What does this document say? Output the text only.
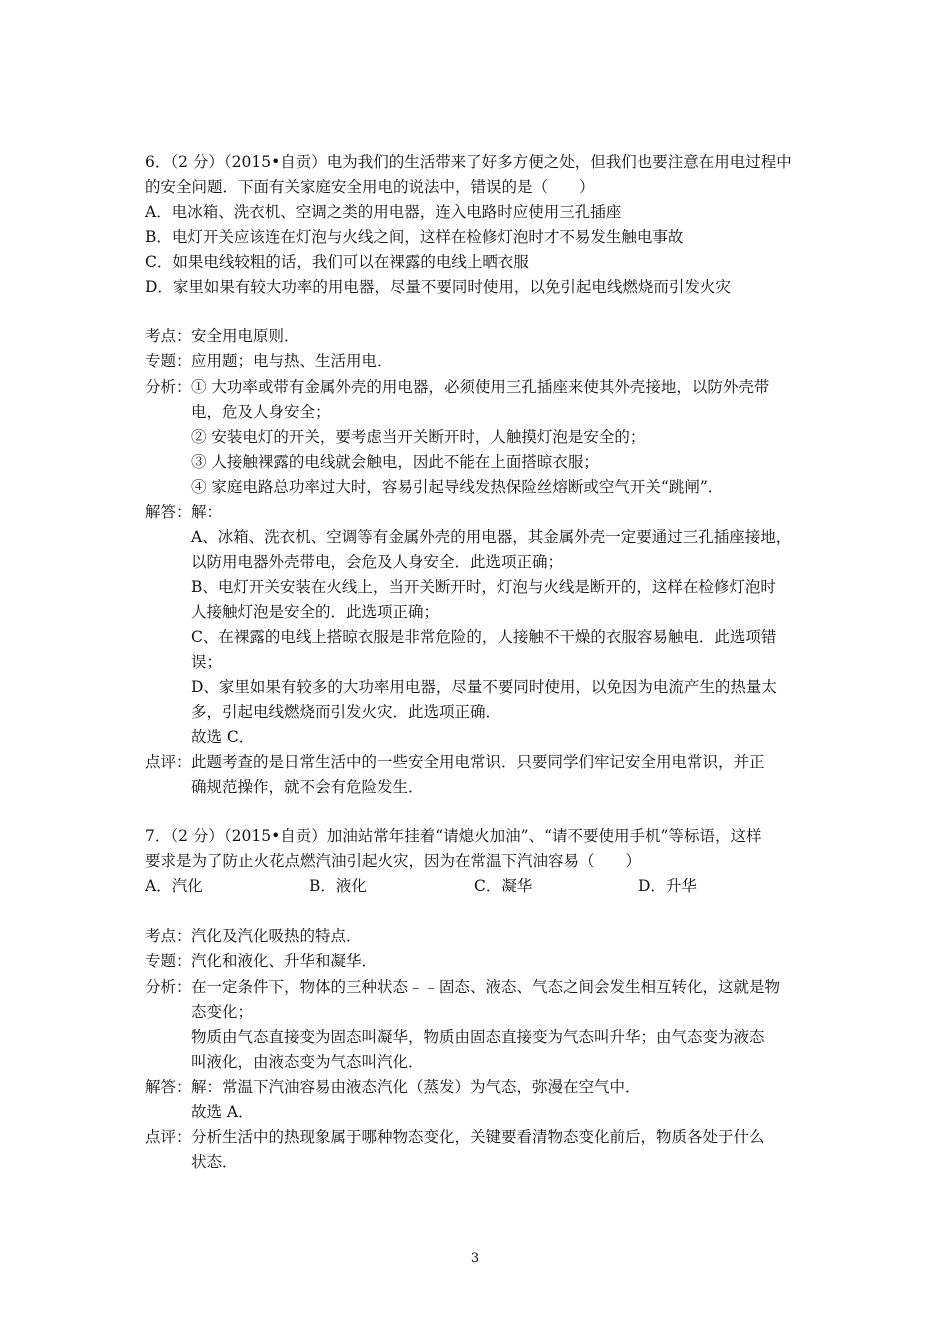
6．（2 分）（2015•自贡）电为我们的生活带来了好多方便之处，但我们也要注意在用电过程中
的安全问题．下面有关家庭安全用电的说法中，错误的是（　　）
A．电冰箱、洗衣机、空调之类的用电器，连入电路时应使用三孔插座
B．电灯开关应该连在灯泡与火线之间，这样在检修灯泡时才不易发生触电事故
C．如果电线较粗的话，我们可以在裸露的电线上晒衣服
D．家里如果有较大功率的用电器，尽量不要同时使用，以免引起电线燃烧而引发火灾
考点： 安全用电原则．
专题： 应用题；电与热、生活用电．
分析： ① 大功率或带有金属外壳的用电器，必须使用三孔插座来使其外壳接地，以防外壳带
电，危及人身安全；
② 安装电灯的开关，要考虑当开关断开时，人触摸灯泡是安全的；
③ 人接触裸露的电线就会触电，因此不能在上面搭晾衣服；
④ 家庭电路总功率过大时，容易引起导线发热保险丝熔断或空气开关“跳闸”．
解答： 解：
A、冰箱、洗衣机、空调等有金属外壳的用电器，其金属外壳一定要通过三孔插座接地，
以防用电器外壳带电，会危及人身安全．此选项正确；
B、电灯开关安装在火线上，当开关断开时，灯泡与火线是断开的，这样在检修灯泡时
人接触灯泡是安全的．此选项正确；
C、在裸露的电线上搭晾衣服是非常危险的，人接触不干燥的衣服容易触电．此选项错
误；
D、家里如果有较多的大功率用电器，尽量不要同时使用，以免因为电流产生的热量太
多，引起电线燃烧而引发火灾．此选项正确．
故选 C．
点评： 此题考查的是日常生活中的一些安全用电常识．只要同学们牢记安全用电常识，并正
确规范操作，就不会有危险发生．
7．（2 分）（2015•自贡）加油站常年挂着“请熄火加油”、“请不要使用手机”等标语，这样
要求是为了防止火花点燃汽油引起火灾，因为在常温下汽油容易（　　）
A．汽化	B．液化	C．凝华	D．升华
考点： 汽化及汽化吸热的特点．
专题： 汽化和液化、升华和凝华．
分析： 在一定条件下，物体的三种状态﹣﹣固态、液态、气态之间会发生相互转化，这就是物
态变化；
物质由气态直接变为固态叫凝华，物质由固态直接变为气态叫升华；由气态变为液态
叫液化，由液态变为气态叫汽化．
解答： 解：常温下汽油容易由液态汽化（蒸发）为气态，弥漫在空气中．
故选 A．
点评： 分析生活中的热现象属于哪种物态变化，关键要看清物态变化前后，物质各处于什么
状态．
3
